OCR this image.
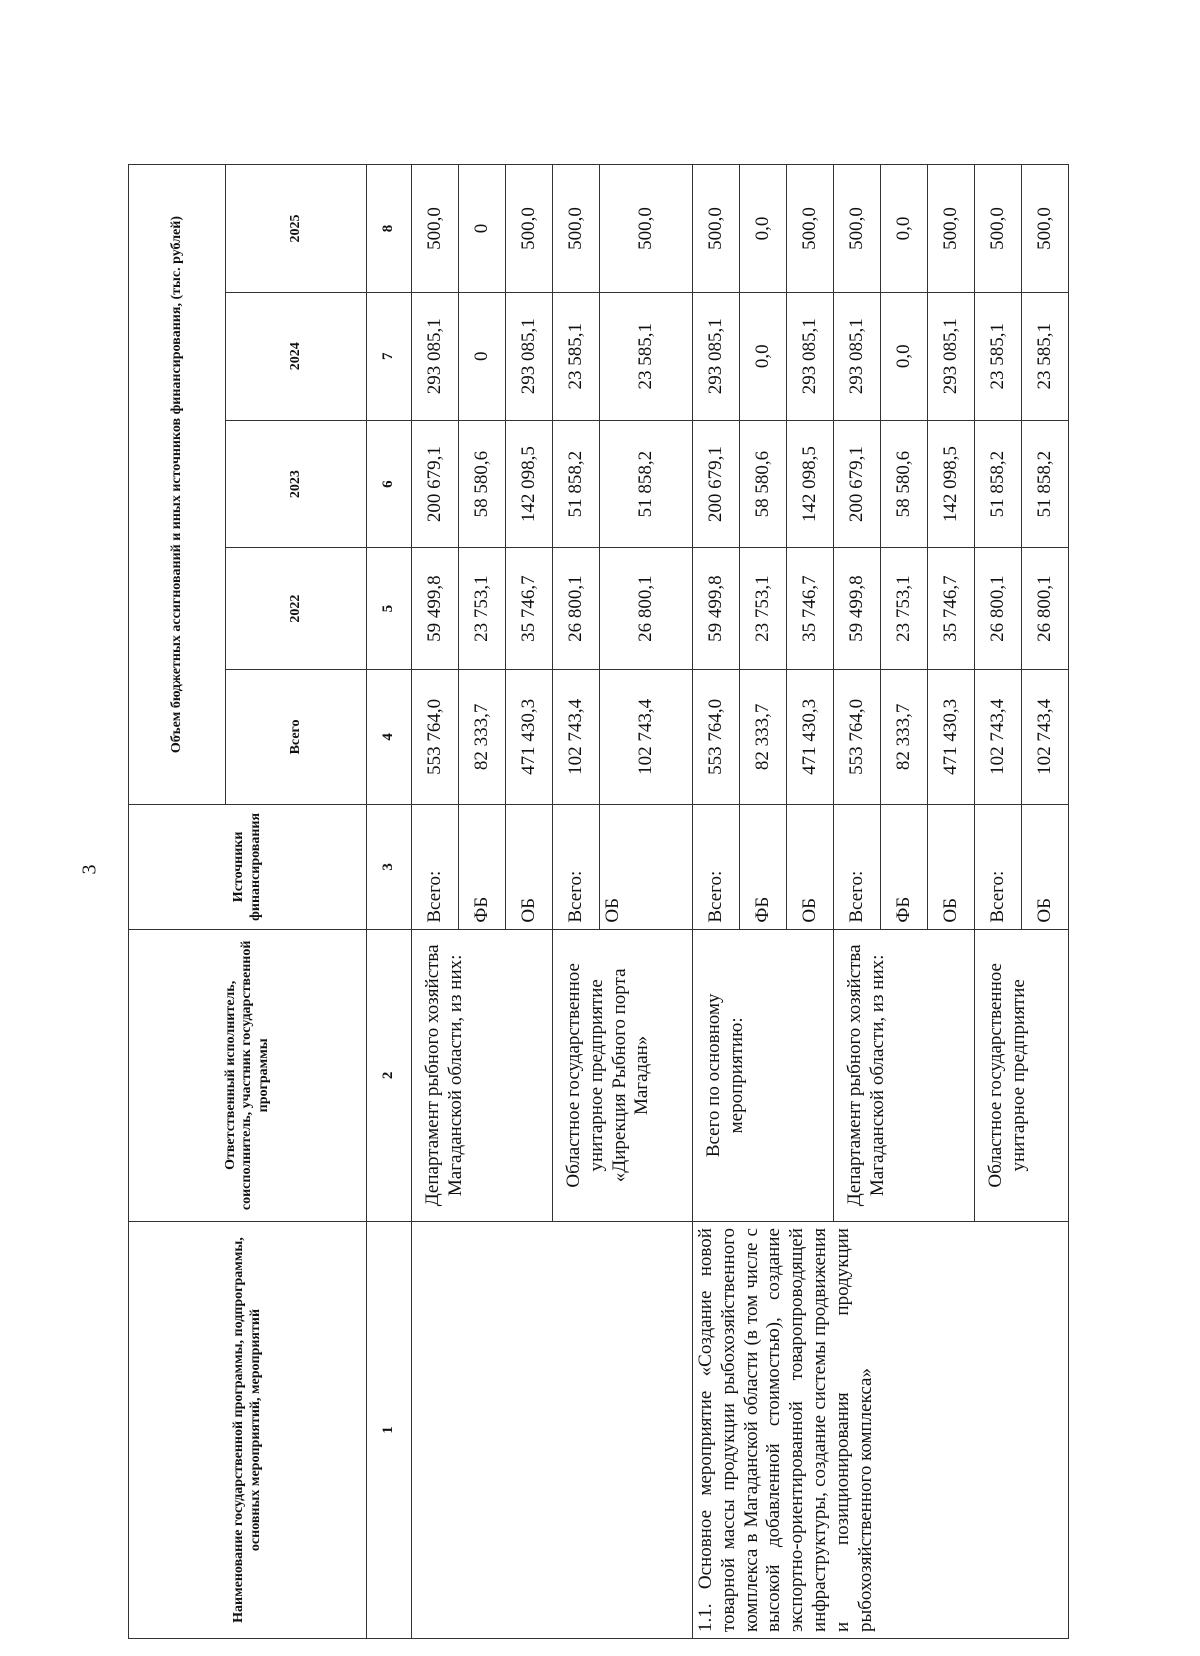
3
Наименование государственной программы, подпрограммы, основных мероприятий, мероприятий	Ответственный исполнитель, соисполнитель, участник государственной программы	Источники финансирования	Объем бюджетных ассигнований и иных источников финансирования, (тыс. рублей)				
			Всего	2022	2023	2024	2025
1	2	3	4	5	6	7	8
	Департамент рыбного хозяйства Магаданской области, из них:	Всего:	553 764,0	59 499,8	200 679,1	293 085,1	500,0
		ФБ	82 333,7	23 753,1	58 580,6	0	0
		ОБ	471 430,3	35 746,7	142 098,5	293 085,1	500,0
	Областное государственное унитарное предприятие «Дирекция Рыбного порта Магадан»	Всего:	102 743,4	26 800,1	51 858,2	23 585,1	500,0
		ОБ	102 743,4	26 800,1	51 858,2	23 585,1	500,0
1.1. Основное мероприятие «Создание новой товарной массы продукции рыбохозяйственного комплекса в Магаданской области (в том числе с высокой добавленной стоимостью), создание экспортно-ориентированной товаропроводящей инфраструктуры, создание системы продвижения и позиционирования продукции рыбохозяйственного комплекса»	Всего по основному мероприятию:	Всего:	553 764,0	59 499,8	200 679,1	293 085,1	500,0
		ФБ	82 333,7	23 753,1	58 580,6	0,0	0,0
		ОБ	471 430,3	35 746,7	142 098,5	293 085,1	500,0
	Департамент рыбного хозяйства Магаданской области, из них:	Всего:	553 764,0	59 499,8	200 679,1	293 085,1	500,0
		ФБ	82 333,7	23 753,1	58 580,6	0,0	0,0
		ОБ	471 430,3	35 746,7	142 098,5	293 085,1	500,0
	Областное государственное унитарное предприятие	Всего:	102 743,4	26 800,1	51 858,2	23 585,1	500,0
		ОБ	102 743,4	26 800,1	51 858,2	23 585,1	500,0
